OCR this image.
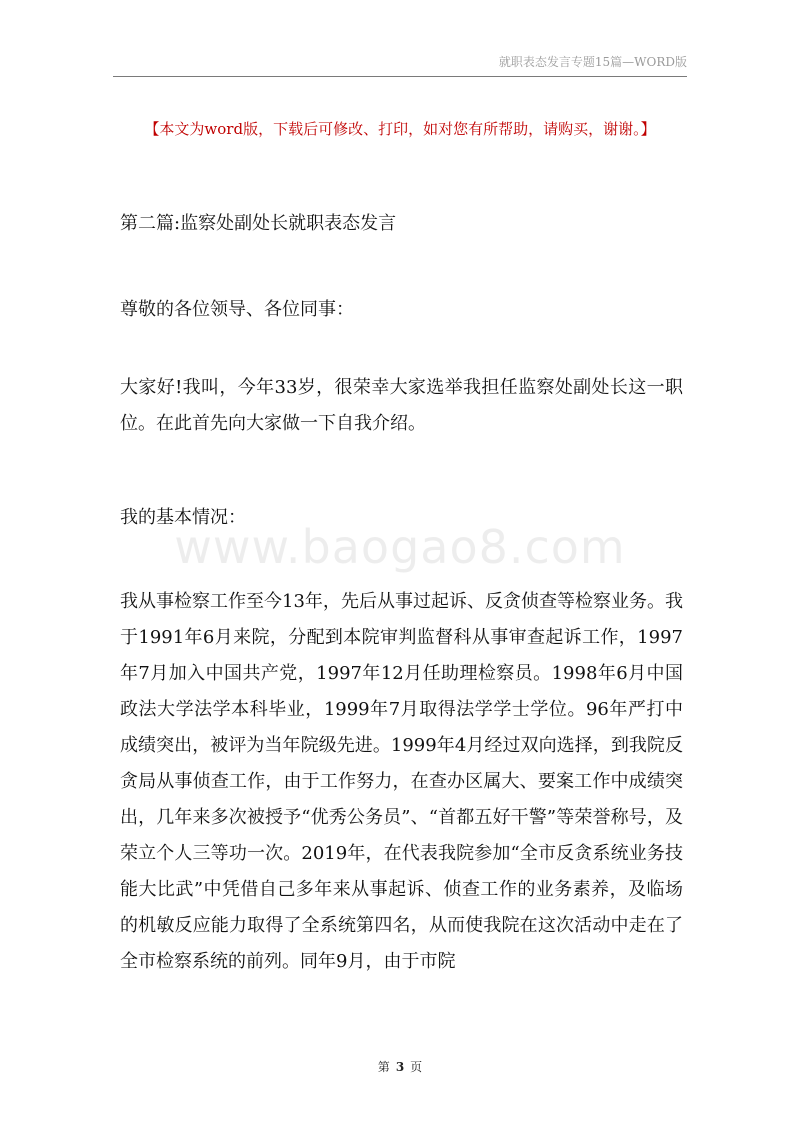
就职表态发言专题15篇—WORD版
【本文为word版，下载后可修改、打印，如对您有所帮助，请购买，谢谢。】
第二篇:监察处副处长就职表态发言
尊敬的各位领导、各位同事：
大家好!我叫，今年33岁，很荣幸大家选举我担任监察处副处长这一职位。在此首先向大家做一下自我介绍。
我的基本情况：
www.baogao8.com
我从事检察工作至今13年，先后从事过起诉、反贪侦查等检察业务。我于1991年6月来院，分配到本院审判监督科从事审查起诉工作，1997年7月加入中国共产党，1997年12月任助理检察员。1998年6月中国政法大学法学本科毕业，1999年7月取得法学学士学位。96年严打中成绩突出，被评为当年院级先进。1999年4月经过双向选择，到我院反贪局从事侦查工作，由于工作努力，在查办区属大、要案工作中成绩突出，几年来多次被授予“优秀公务员”、“首都五好干警”等荣誉称号，及荣立个人三等功一次。2019年，在代表我院参加“全市反贪系统业务技能大比武”中凭借自己多年来从事起诉、侦查工作的业务素养，及临场的机敏反应能力取得了全系统第四名，从而使我院在这次活动中走在了全市检察系统的前列。同年9月，由于市院
第 3 页
